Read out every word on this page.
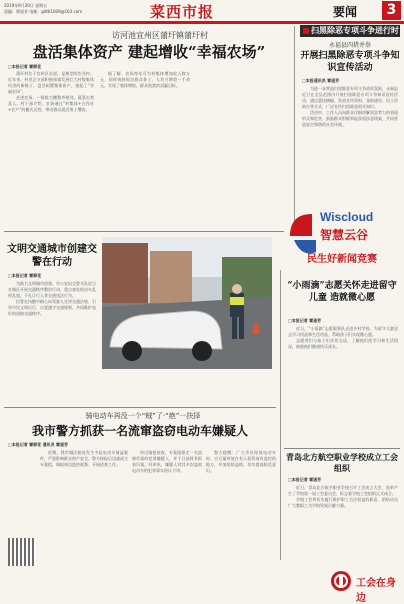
2019年9月20日 星期五
责编：覃道芳 电邮：gdtb1009@163.com	菜西市报	要闻	3
访河池宜州区蒲圩镇蒲圩村
盘活集体资产 建起增收“幸福农场”
□本报记者 覃柳花

蒲圩村位于宜州区东部，是典型的农业村。近年来，村党总支部积极探索发展壮大村级集体经济的新路子，盘活闲置集体资产，建起了“幸福农场”。

走进农场，一排排大棚整齐排列，蔬菜长势喜人。村干部介绍，农场通过“村集体+合作社+农户”的模式运营，带动群众就近务工增收。

据了解，农场每年可为村集体增加收入数万元，同时吸纳周边群众务工，人均月增收一千余元，实现了集体增收、群众致富的双赢目标。

扫黑除恶专项斗争进行时
永福县四措并举
开展扫黑除恶专项斗争知识宣传活动
□本报通讯员 覃道芳

为进一步营造扫黑除恶专项斗争浓厚氛围，永福县近日在全县范围内开展扫黑除恶专项斗争知识宣传活动，通过悬挂横幅、发放宣传资料、张贴通告、设立咨询台等方式，广泛宣传扫黑除恶相关知识。

活动中，工作人员向群众详细讲解黑恶势力的表现形式和危害，鼓励群众积极举报涉黑涉恶线索，共同营造安定和谐的社会环境。

Wiscloud
智慧云谷
民生好新闻竞赛
文明交通城市创建交警在行动
□本报记者 覃柳花

为助力文明城市创建，市公安局交警支队近日在城区开展交通秩序整治行动，重点查处机动车乱停乱放、不礼让行人等交通违法行为。

民警在执勤中耐心向驾驶人宣讲交通法规，引导市民文明出行，自觉遵守交通规则，共同维护良好的道路交通秩序。

“小雨滴”志愿关怀走进留守儿童 造就微心愿
□本报记者 覃道芳

近日，“小雨滴”志愿服务队走进乡村学校，为留守儿童送去学习用品和生活用品，帮助孩子们实现微心愿。

志愿者们与孩子们亲切交谈，了解他们的学习和生活情况，鼓励他们健康快乐成长。

骑电动车再没一个“贼”了·“绝”一抉择
我市警方抓获一名流窜盗窃电动车嫌疑人
□本报记者 覃柳花 通讯员 覃道芳

近期，我市城区接连发生多起电动车被盗案件，严重影响群众财产安全。警方接报后迅速成立专案组，调取周边监控视频，开展侦查工作。

经过缜密侦查，专案组锁定一名流窜作案的犯罪嫌疑人，并于日前将其抓获归案。经审讯，嫌疑人对其多次盗窃电动车的犯罪事实供认不讳。

警方提醒：广大市民停放电动车时，应尽量停放在有人看管或有监控的地方，并加装防盗锁，切实提高防范意识。

青岛北方航空职业学校成立工会组织
□本报记者 覃道芳

近日，青岛北方航空职业学校召开工会成立大会，选举产生了学校第一届工会委员会，标志着学校工会组织正式成立。

学校工会将切实履行维护职工合法权益的职责，团结动员广大教职工为学校发展贡献力量。

工会在身边
